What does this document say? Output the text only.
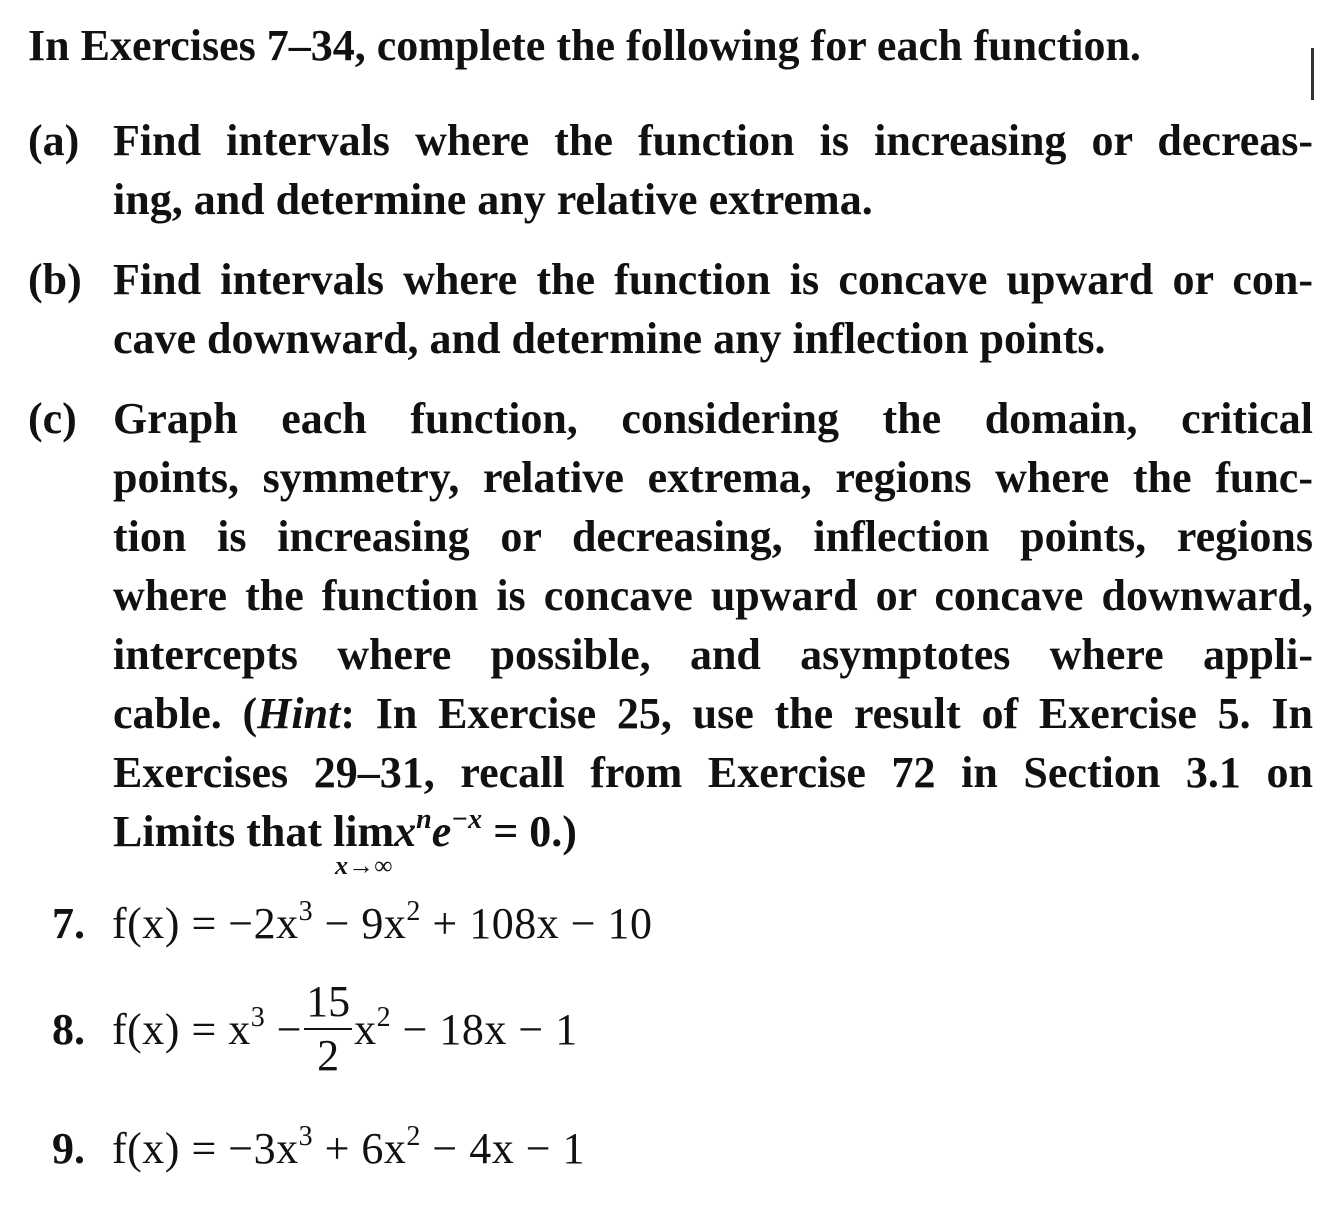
In Exercises 7–34, complete the following for each function.
(a) Find intervals where the function is increasing or decreas-
ing, and determine any relative extrema.
(b) Find intervals where the function is concave upward or con-
cave downward, and determine any inflection points.
(c) Graph each function, considering the domain, critical
points, symmetry, relative extrema, regions where the func-
tion is increasing or decreasing, inflection points, regions
where the function is concave upward or concave downward,
intercepts where possible, and asymptotes where appli-
cable. (Hint: In Exercise 25, use the result of Exercise 5. In
Exercises 29–31, recall from Exercise 72 in Section 3.1 on
Limits that lim
x→∞
$x^ne^{-x} = 0$.)
7. $f(x) = -2x^3 - 9x^2 + 108x - 10$
8. $f(x) = x^3 - \frac{15}{2} x^2 - 18x - 1$
9. $f(x) = -3x^3 + 6x^2 - 4x - 1$
